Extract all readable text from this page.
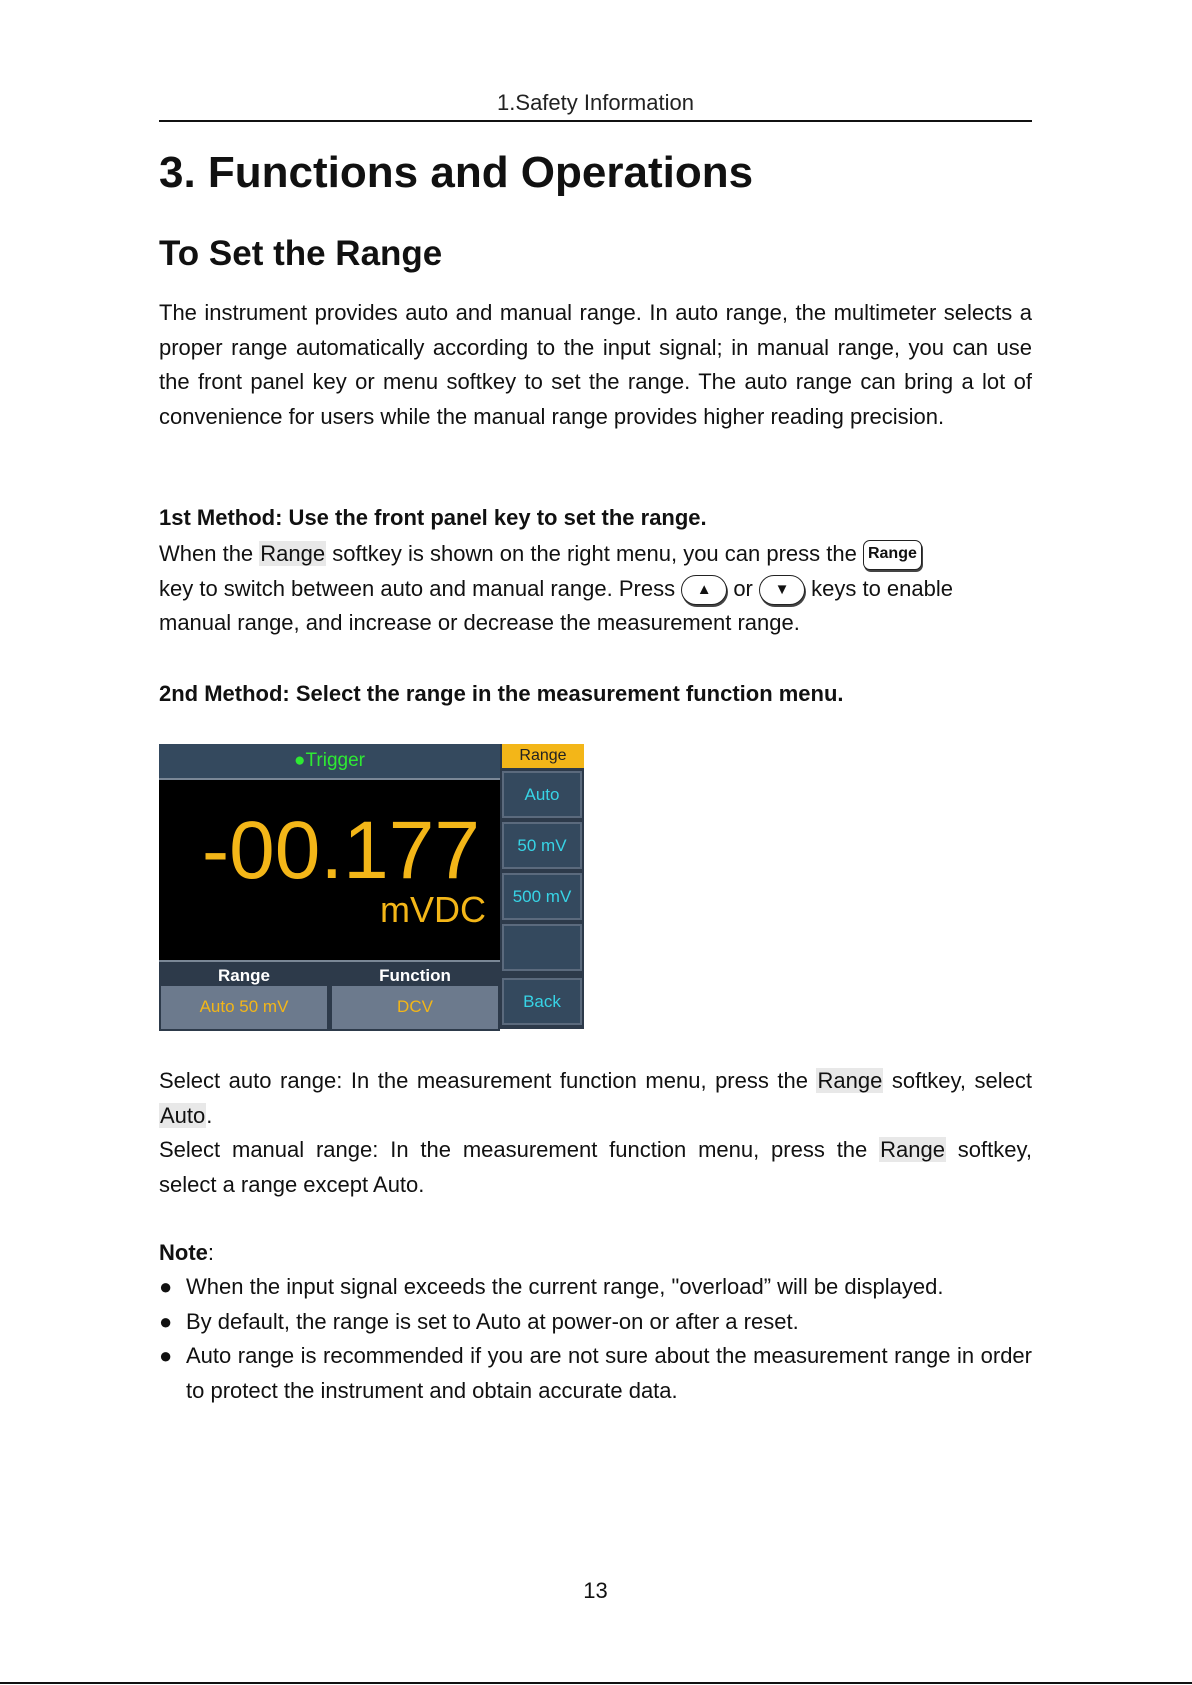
1.Safety Information
3. Functions and Operations
To Set the Range

The instrument provides auto and manual range. In auto range, the multimeter selects a proper range automatically according to the input signal; in manual range, you can use the front panel key or menu softkey to set the range. The auto range can bring a lot of convenience for users while the manual range provides higher reading precision.

1st Method: Use the front panel key to set the range.

When the Range softkey is shown on the right menu, you can press the Range
key to switch between auto and manual range. Press ▲ or ▼ keys to enable
manual range, and increase or decrease the measurement range.

2nd Method: Select the range in the measurement function menu.

●Trigger
-00.177
mVDC
Range
Auto 50 mV
Function
DCV
Range
Auto
50 mV
500 mV
Back

Select auto range: In the measurement function menu, press the Range softkey, select Auto.

Select manual range: In the measurement function menu, press the Range softkey, select a range except Auto.

Note:

● When the input signal exceeds the current range, "overload” will be displayed.
● By default, the range is set to Auto at power-on or after a reset.
● Auto range is recommended if you are not sure about the measurement range in order to protect the instrument and obtain accurate data.
13
